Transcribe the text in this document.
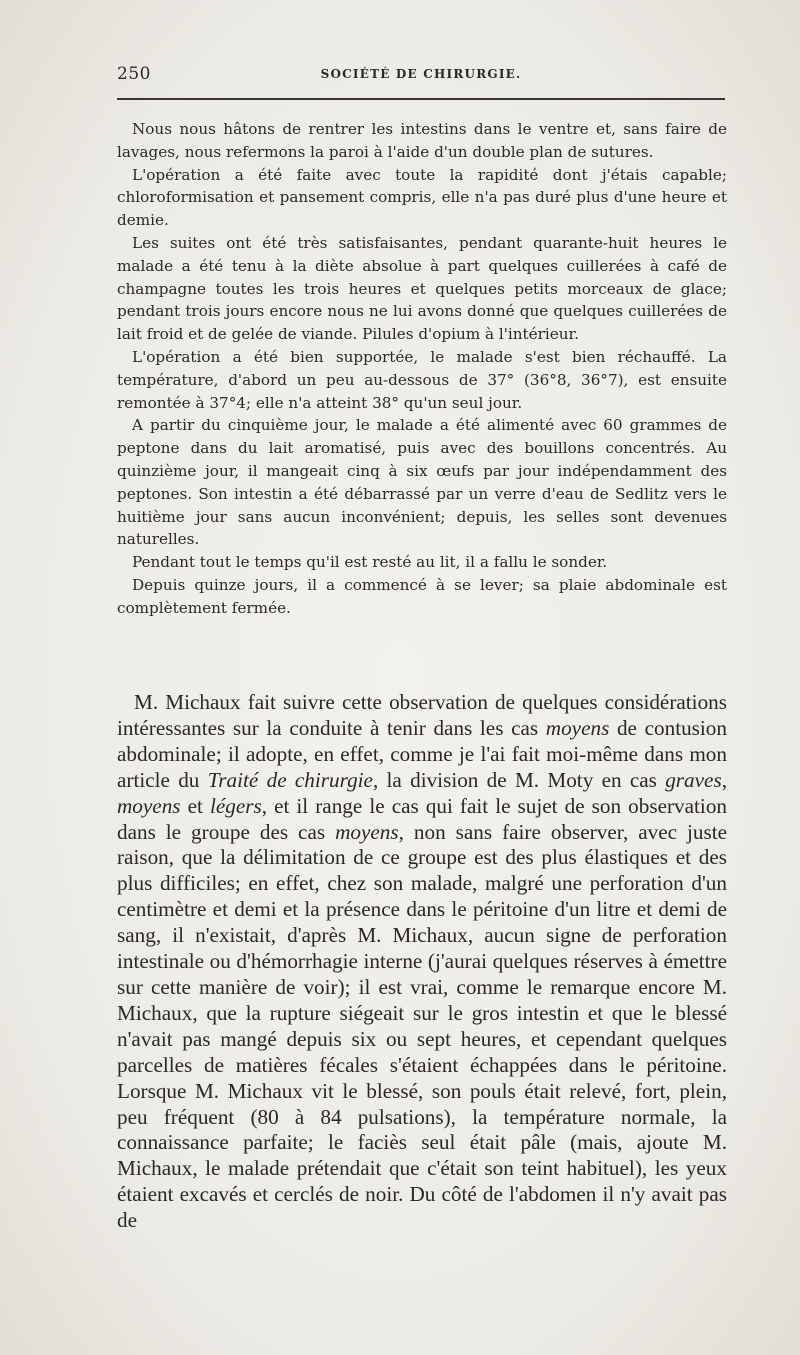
250	SOCIÉTÉ DE CHIRURGIE.

Nous nous hâtons de rentrer les intestins dans le ventre et, sans faire de lavages, nous refermons la paroi à l'aide d'un double plan de sutures.

L'opération a été faite avec toute la rapidité dont j'étais capable; chloroformisation et pansement compris, elle n'a pas duré plus d'une heure et demie.

Les suites ont été très satisfaisantes, pendant quarante-huit heures le malade a été tenu à la diète absolue à part quelques cuillerées à café de champagne toutes les trois heures et quelques petits morceaux de glace; pendant trois jours encore nous ne lui avons donné que quelques cuillerées de lait froid et de gelée de viande. Pilules d'opium à l'intérieur.

L'opération a été bien supportée, le malade s'est bien réchauffé. La température, d'abord un peu au-dessous de 37° (36°8, 36°7), est ensuite remontée à 37°4; elle n'a atteint 38° qu'un seul jour.

A partir du cinquième jour, le malade a été alimenté avec 60 grammes de peptone dans du lait aromatisé, puis avec des bouillons concentrés. Au quinzième jour, il mangeait cinq à six œufs par jour indépendamment des peptones. Son intestin a été débarrassé par un verre d'eau de Sedlitz vers le huitième jour sans aucun inconvénient; depuis, les selles sont devenues naturelles.

Pendant tout le temps qu'il est resté au lit, il a fallu le sonder.

Depuis quinze jours, il a commencé à se lever; sa plaie abdominale est complètement fermée.

M. Michaux fait suivre cette observation de quelques considérations intéressantes sur la conduite à tenir dans les cas moyens de contusion abdominale; il adopte, en effet, comme je l'ai fait moi-même dans mon article du Traité de chirurgie, la division de M. Moty en cas graves, moyens et légers, et il range le cas qui fait le sujet de son observation dans le groupe des cas moyens, non sans faire observer, avec juste raison, que la délimitation de ce groupe est des plus élastiques et des plus difficiles; en effet, chez son malade, malgré une perforation d'un centimètre et demi et la présence dans le péritoine d'un litre et demi de sang, il n'existait, d'après M. Michaux, aucun signe de perforation intestinale ou d'hémorrhagie interne (j'aurai quelques réserves à émettre sur cette manière de voir); il est vrai, comme le remarque encore M. Michaux, que la rupture siégeait sur le gros intestin et que le blessé n'avait pas mangé depuis six ou sept heures, et cependant quelques parcelles de matières fécales s'étaient échappées dans le péritoine. Lorsque M. Michaux vit le blessé, son pouls était relevé, fort, plein, peu fréquent (80 à 84 pulsations), la température normale, la connaissance parfaite; le faciès seul était pâle (mais, ajoute M. Michaux, le malade prétendait que c'était son teint habituel), les yeux étaient excavés et cerclés de noir. Du côté de l'abdomen il n'y avait pas de
